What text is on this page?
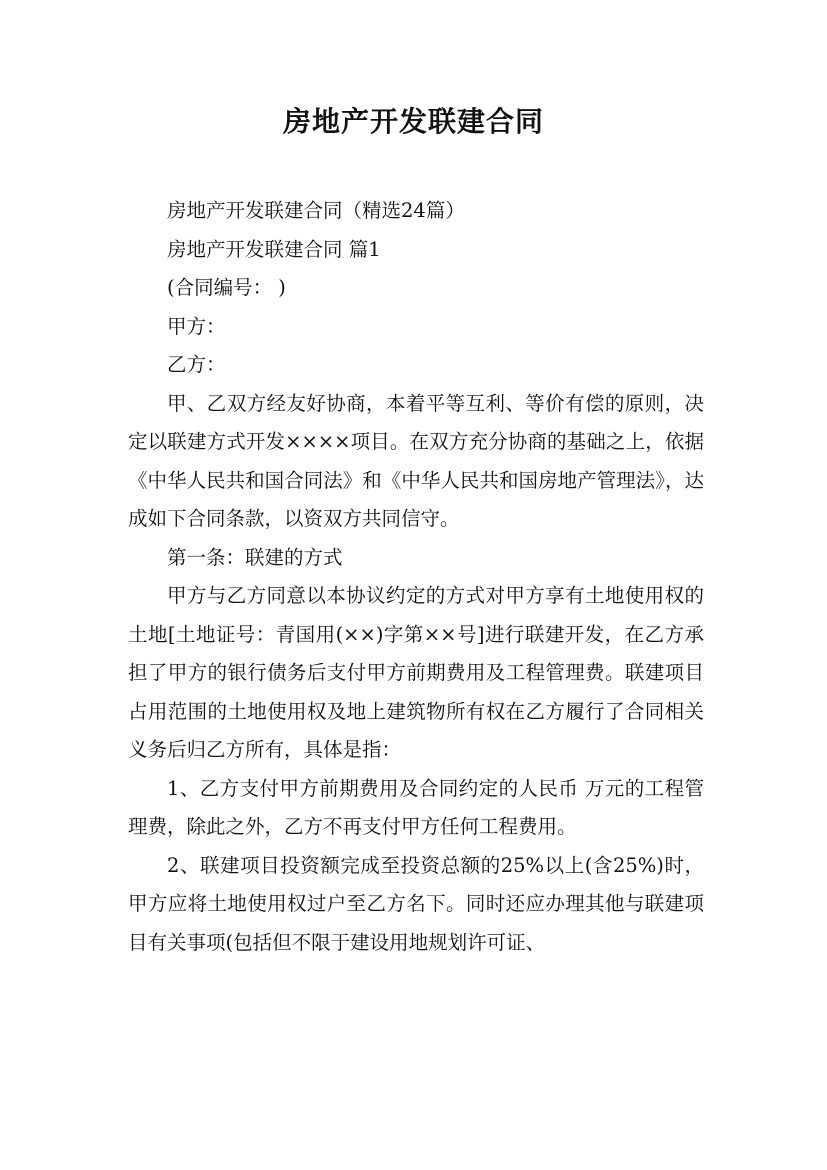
房地产开发联建合同

房地产开发联建合同（精选24篇）

房地产开发联建合同 篇1

(合同编号： )

甲方：

乙方：

甲、乙双方经友好协商，本着平等互利、等价有偿的原则，决定以联建方式开发××××项目。在双方充分协商的基础之上，依据《中华人民共和国合同法》和《中华人民共和国房地产管理法》，达成如下合同条款，以资双方共同信守。

第一条：联建的方式

甲方与乙方同意以本协议约定的方式对甲方享有土地使用权的土地[土地证号：青国用(××)字第××号]进行联建开发，在乙方承担了甲方的银行债务后支付甲方前期费用及工程管理费。联建项目占用范围的土地使用权及地上建筑物所有权在乙方履行了合同相关义务后归乙方所有，具体是指：

1、乙方支付甲方前期费用及合同约定的人民币 万元的工程管理费，除此之外，乙方不再支付甲方任何工程费用。

2、联建项目投资额完成至投资总额的25%以上(含25%)时，甲方应将土地使用权过户至乙方名下。同时还应办理其他与联建项目有关事项(包括但不限于建设用地规划许可证、
